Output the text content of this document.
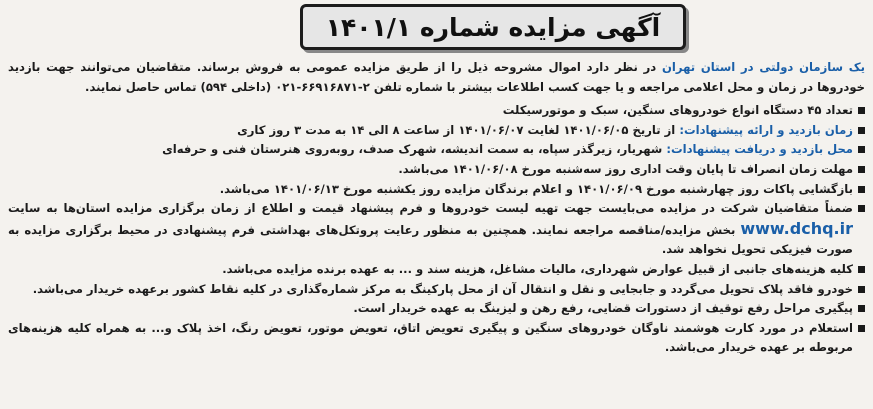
آگهی مزایده شماره ۱۴۰۱/۱

یک سازمان دولتی در استان تهران در نظر دارد اموال مشروحه ذیل را از طریق مزایده عمومی به فروش برساند. متقاضیان می‌توانند جهت بازدید خودروها در زمان و محل اعلامی مراجعه و یا جهت کسب اطلاعات بیشتر با شماره تلفن ۲-۶۶۹۱۶۸۷۱-۰۲۱ (داخلی ۵۹۴) تماس حاصل نمایند.

تعداد ۴۵ دستگاه انواع خودروهای سنگین، سبک و موتورسیکلت
زمان بازدید و ارائه پیشنهادات: از تاریخ ۱۴۰۱/۰۶/۰۵ لغایت ۱۴۰۱/۰۶/۰۷ از ساعت ۸ الی ۱۴ به مدت ۳ روز کاری
محل بازدید و دریافت پیشنهادات: شهریار، زیرگذر سپاه، به سمت اندیشه، شهرک صدف، روبه‌روی هنرستان فنی و حرفه‌ای
مهلت زمان انصراف تا پایان وقت اداری روز سه‌شنبه مورخ ۱۴۰۱/۰۶/۰۸ می‌باشد.
بازگشایی پاکات روز چهارشنبه مورخ ۱۴۰۱/۰۶/۰۹ و اعلام برندگان مزایده روز یکشنبه مورخ ۱۴۰۱/۰۶/۱۳ می‌باشد.
ضمناً متقاضیان شرکت در مزایده می‌بایست جهت تهیه لیست خودروها و فرم پیشنهاد قیمت و اطلاع از زمان برگزاری مزایده استان‌ها به سایت www.dchq.ir بخش مزایده/مناقصه مراجعه نمایند. همچنین به منظور رعایت پروتکل‌های بهداشتی فرم پیشنهادی در محیط برگزاری مزایده به صورت فیزیکی تحویل نخواهد شد.
کلیه هزینه‌های جانبی از قبیل عوارض شهرداری، مالیات مشاغل، هزینه سند و ... به عهده برنده مزایده می‌باشد.
خودرو فاقد پلاک تحویل می‌گردد و جابجایی و نقل و انتقال آن از محل پارکینگ به مرکز شماره‌گذاری در کلیه نقاط کشور برعهده خریدار می‌باشد.
پیگیری مراحل رفع توقیف از دستورات قضایی، رفع رهن و لیزینگ به عهده خریدار است.
استعلام در مورد کارت هوشمند ناوگان خودروهای سنگین و پیگیری تعویض اتاق، تعویض موتور، تعویض رنگ، اخذ پلاک و... به همراه کلیه هزینه‌های مربوطه بر عهده خریدار می‌باشد.
